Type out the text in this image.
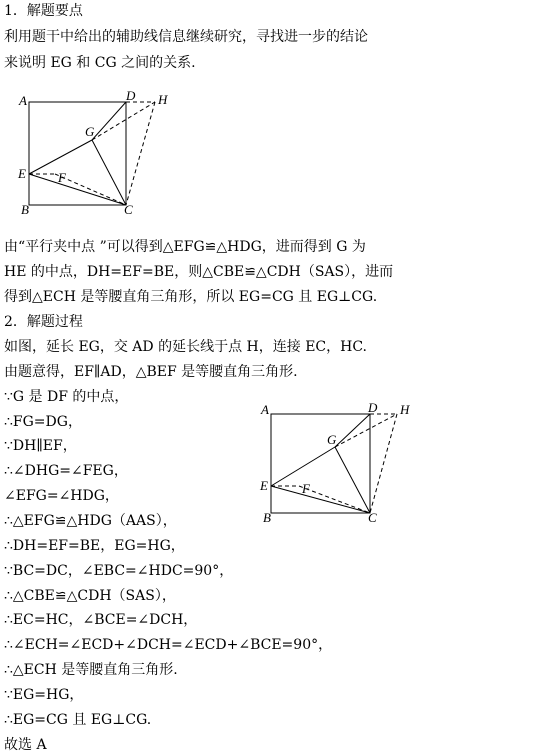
1．解题要点
利用题干中给出的辅助线信息继续研究，寻找进一步的结论
来说明 EG 和 CG 之间的关系.
由“平行夹中点 ”可以得到△EFG≌△HDG，进而得到 G 为
HE 的中点，DH=EF=BE，则△CBE≌△CDH（SAS），进而
得到△ECH 是等腰直角三角形，所以 EG=CG 且 EG⊥CG.
2．解题过程
如图，延长 EG，交 AD 的延长线于点 H，连接 EC，HC.
由题意得，EF∥AD，△BEF 是等腰直角三角形.
∵G 是 DF 的中点，
∴FG=DG，
∵DH∥EF，
∴∠DHG=∠FEG，
∠EFG=∠HDG，
∴△EFG≌△HDG（AAS），
∴DH=EF=BE，EG=HG，
∵BC=DC，∠EBC=∠HDC=90°，
∴△CBE≌△CDH（SAS），
∴EC=HC，∠BCE=∠DCH，
∴∠ECH=∠ECD+∠DCH=∠ECD+∠BCE=90°，
∴△ECH 是等腰直角三角形.
∵EG=HG，
∴EG=CG 且 EG⊥CG.
故选 A
A	D H
G
E F
B	C
A	D H
G
E	F
B	C
